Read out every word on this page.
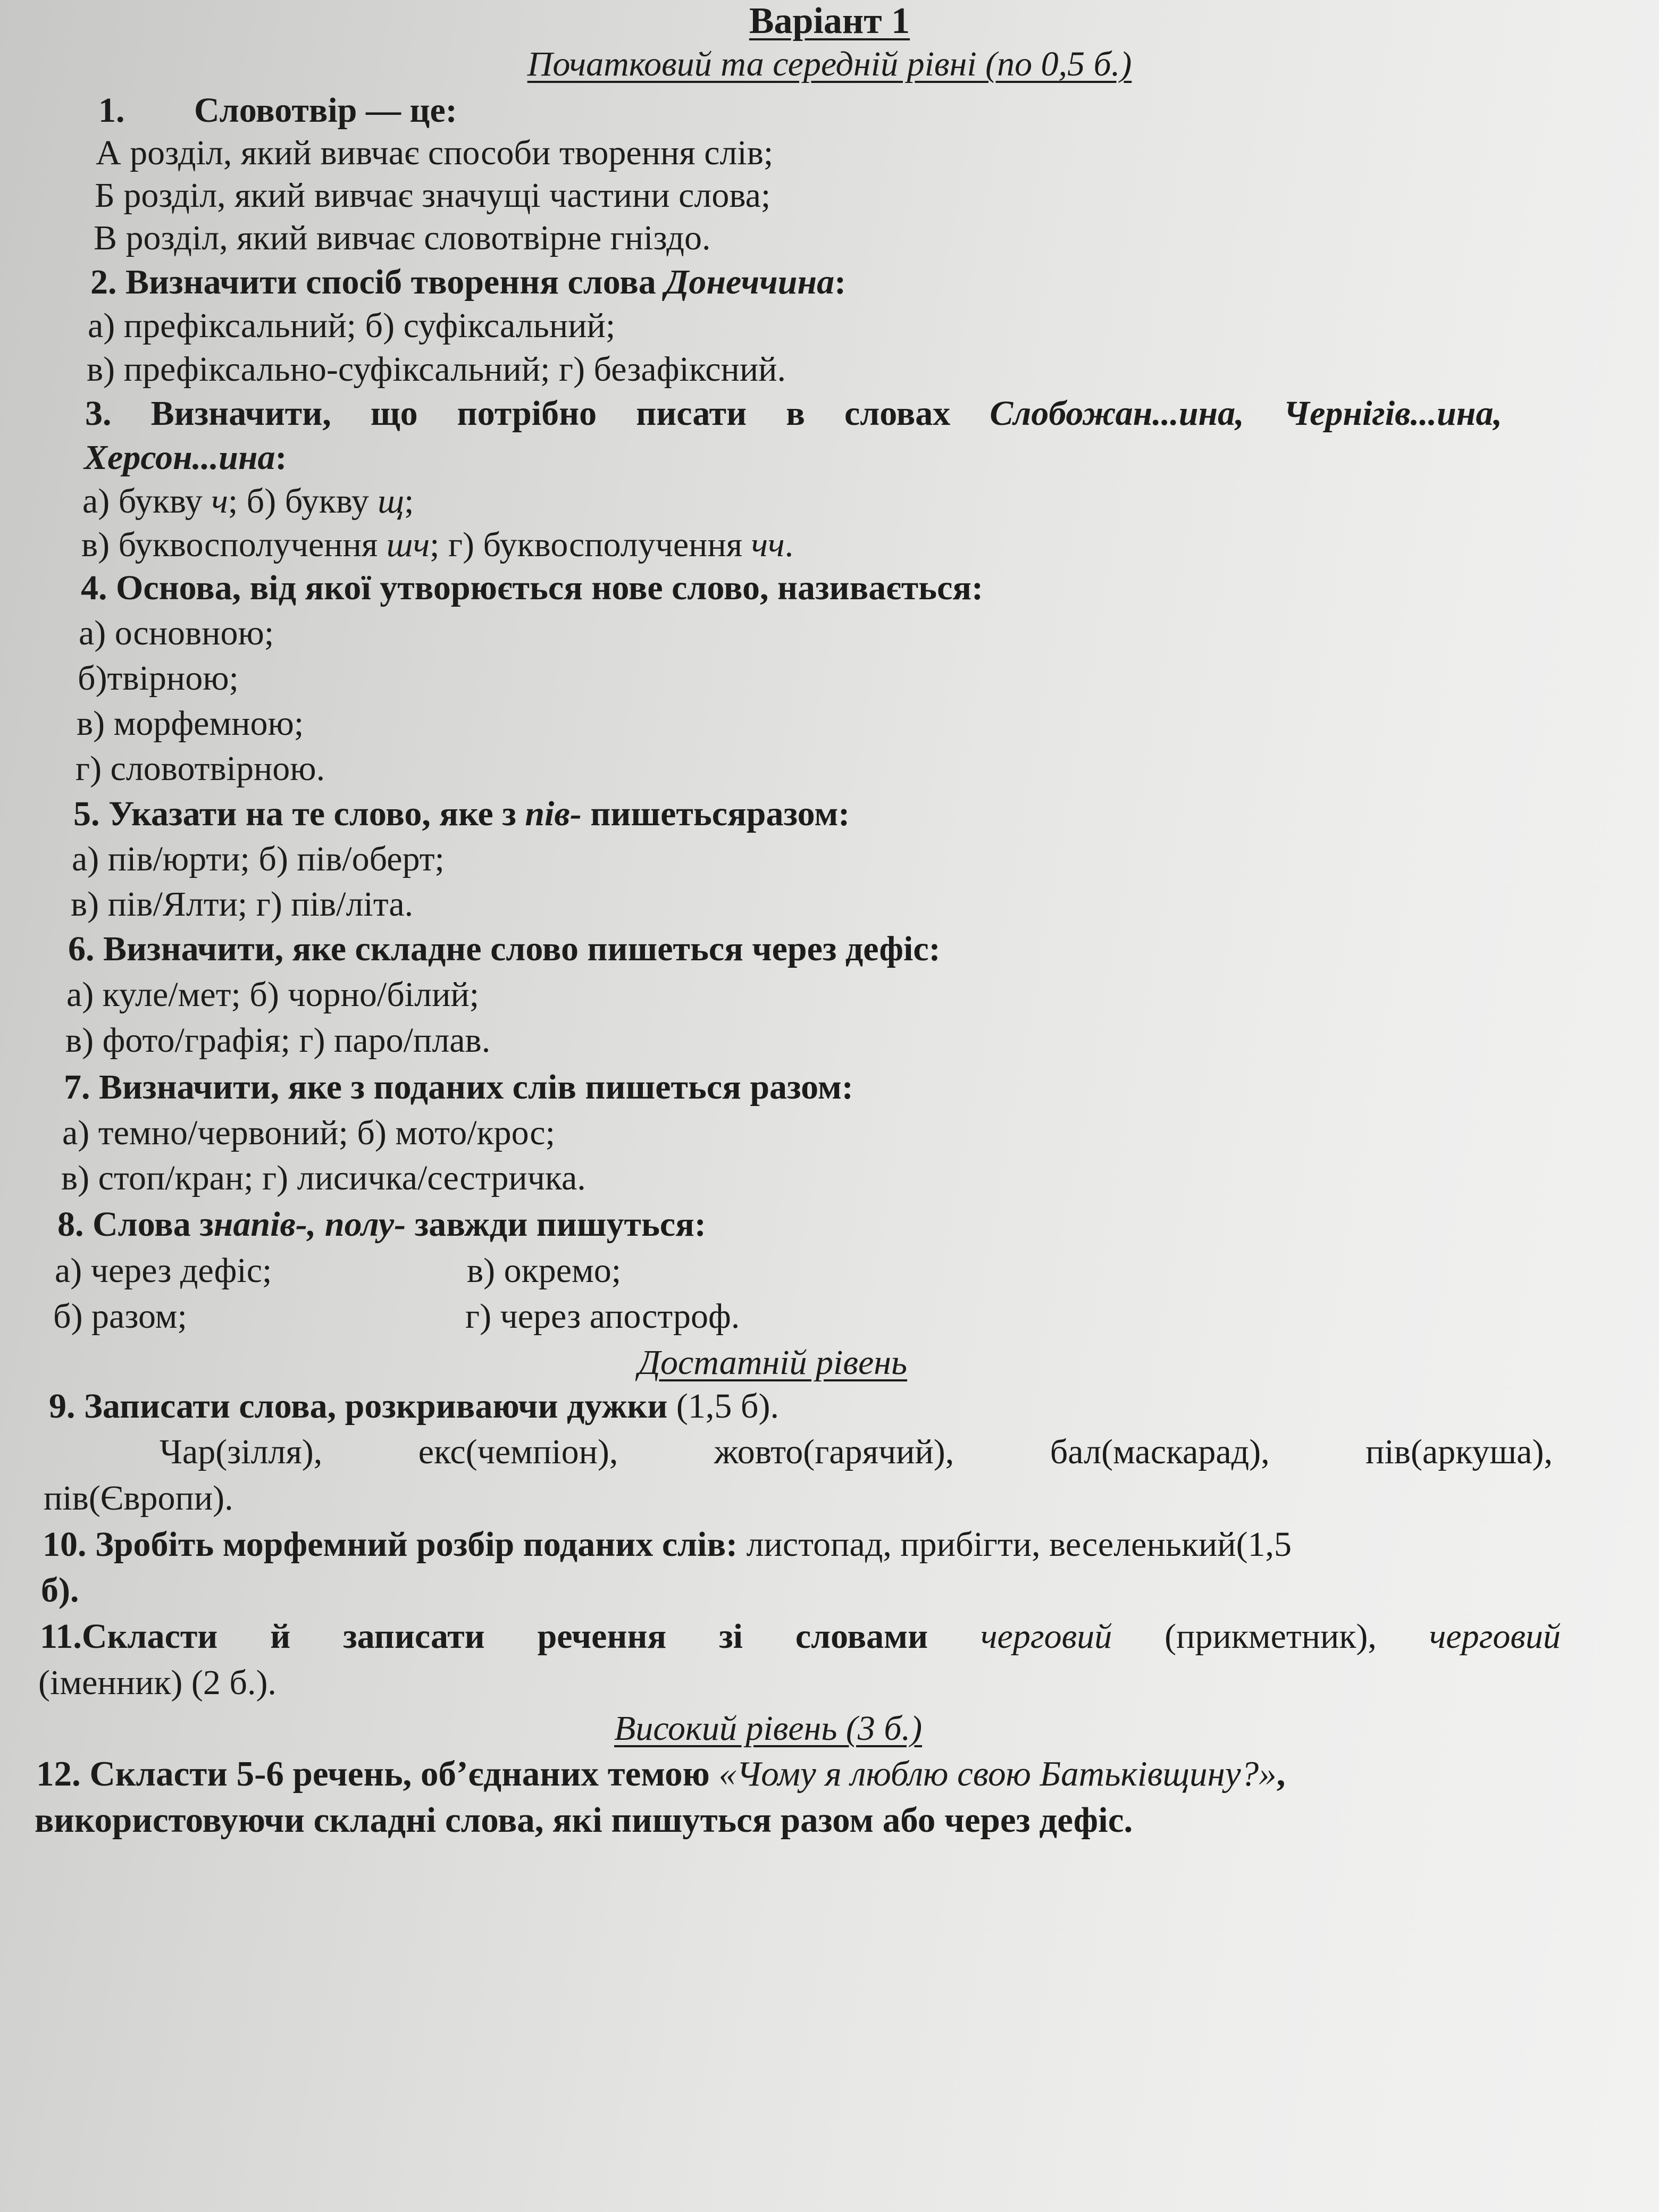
Варіант 1
Початковий та середній рівні (по 0,5 б.)
1. Словотвір — це:
А розділ, який вивчає способи творення слів;
Б розділ, який вивчає значущі частини слова;
В розділ, який вивчає словотвірне гніздо.
2. Визначити спосіб творення слова Донеччина:
а) префіксальний; б) суфіксальний;
в) префіксально-суфіксальний; г) безафіксний.
3. Визначити, що потрібно писати в словах Слобожан...ина, Чернігів...ина,
Херсон...ина:
а) букву ч; б) букву щ;
в) буквосполучення шч; г) буквосполучення чч.
4. Основа, від якої утворюється нове слово, називається:
а) основною;
б)твірною;
в) морфемною;
г) словотвірною.
5. Указати на те слово, яке з пів- пишетьсяразом:
а) пів/юрти; б) пів/оберт;
в) пів/Ялти; г) пів/літа.
6. Визначити, яке складне слово пишеться через дефіс:
а) куле/мет; б) чорно/білий;
в) фото/графія; г) паро/плав.
7. Визначити, яке з поданих слів пишеться разом:
а) темно/червоний; б) мото/крос;
в) стоп/кран; г) лисичка/сестричка.
8. Слова знапів-, полу- завжди пишуться:
а) через дефіс;	в) окремо;
б) разом;	г) через апостроф.
Достатній рівень
9. Записати слова, розкриваючи дужки (1,5 б).
Чар(зілля),	екс(чемпіон),	жовто(гарячий),	бал(маскарад),	пів(аркуша),
пів(Європи).
10. Зробіть морфемний розбір поданих слів: листопад, прибігти, веселенький(1,5
б).
11.Скласти й записати речення зі словами черговий (прикметник), черговий
(іменник) (2 б.).
Високий рівень (3 б.)
12. Скласти 5-6 речень, об’єднаних темою «Чому я люблю свою Батьківщину?»,
використовуючи складні слова, які пишуться разом або через дефіс.
